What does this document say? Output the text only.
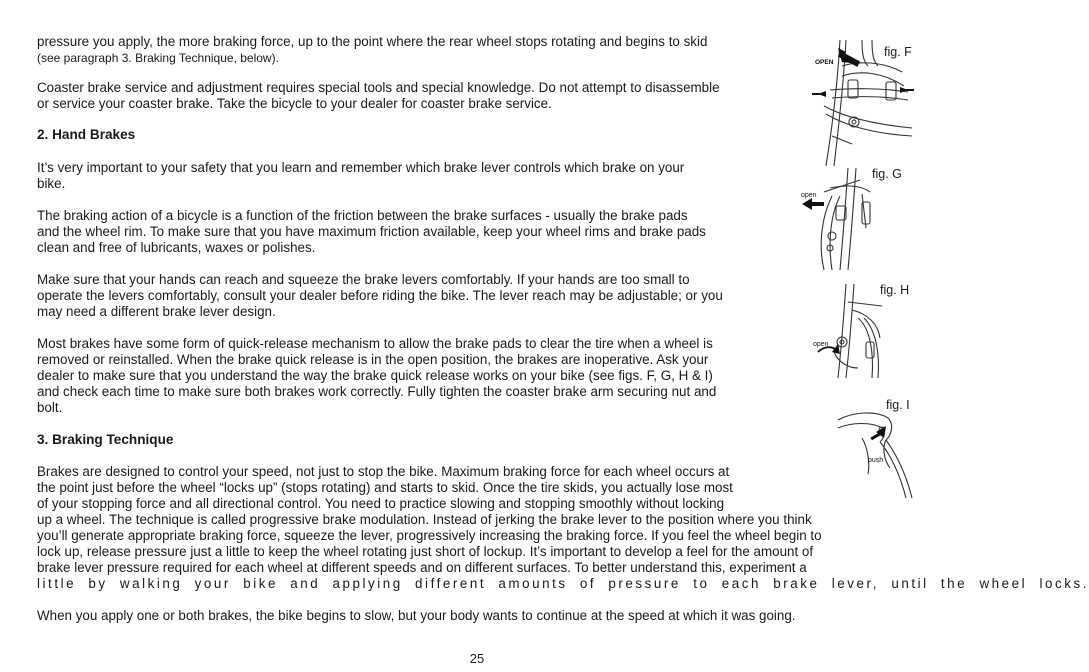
pressure you apply, the more braking force, up to the point where the rear wheel stops rotating and begins to skid

(see paragraph 3. Braking Technique, below).

Coaster brake service and adjustment requires special tools and special knowledge. Do not attempt to disassemble

or service your coaster brake. Take the bicycle to your dealer for coaster brake service.

2. Hand Brakes

It’s very important to your safety that you learn and remember which brake lever controls which brake on your

bike.

The braking action of a bicycle is a function of the friction between the brake surfaces - usually the brake pads

and the wheel rim. To make sure that you have maximum friction available, keep your wheel rims and brake pads

clean and free of lubricants, waxes or polishes.

Make sure that your hands can reach and squeeze the brake levers comfortably. If your hands are too small to

operate the levers comfortably, consult your dealer before riding the bike. The lever reach may be adjustable; or you

may need a different brake lever design.

Most brakes have some form of quick-release mechanism to allow the brake pads to clear the tire when a wheel is

removed or reinstalled. When the brake quick release is in the open position, the brakes are inoperative. Ask your

dealer to make sure that you understand the way the brake quick release works on your bike (see figs. F, G, H & I)

and check each time to make sure both brakes work correctly. Fully tighten the coaster brake arm securing nut and

bolt.

3. Braking Technique

Brakes are designed to control your speed, not just to stop the bike. Maximum braking force for each wheel occurs at

the point just before the wheel “locks up” (stops rotating) and starts to skid. Once the tire skids, you actually lose most

of your stopping force and all directional control. You need to practice slowing and stopping smoothly without locking

up a wheel. The technique is called progressive brake modulation. Instead of jerking the brake lever to the position where you think

you’ll generate appropriate braking force, squeeze the lever, progressively increasing the braking force. If you feel the wheel begin to

lock up, release pressure just a little to keep the wheel rotating just short of lockup. It’s important to develop a feel for the amount of

brake lever pressure required for each wheel at different speeds and on different surfaces. To better understand this, experiment a

little by walking your bike and applying different amounts of pressure to each brake lever, until the wheel locks.

When you apply one or both brakes, the bike begins to slow, but your body wants to continue at the speed at which it was going.

OPEN
fig. F
open
fig. G
open
fig. H
push
fig. I
25
